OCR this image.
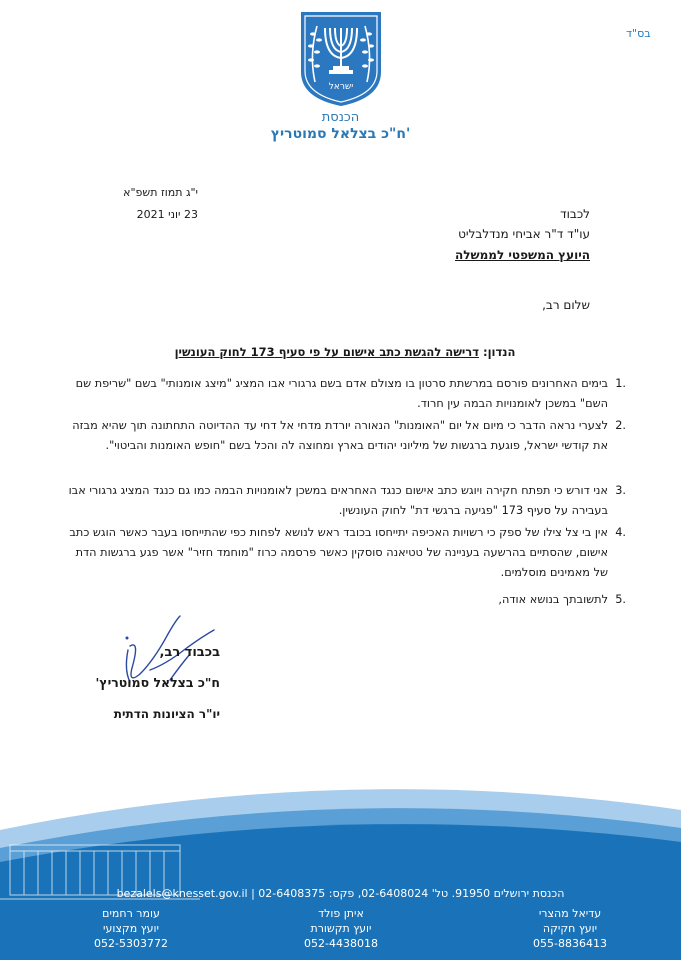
בס"ד
ישראל
הכנסת
ח"כ בצלאל סמוטריץ'
י"ג תמוז תשפ"א
23 יוני 2021	לכבוד
עו"ד ד"ר אביחי מנדלבליט
היועץ המשפטי לממשלה
שלום רב,
הנדון: דרישה להגשת כתב אישום על פי סעיף 173 לחוק העונשין
1.
בימים האחרונים פורסם במרשתת סרטון בו מצולם אדם בשם גרגורי אבו המציג "מיצג אומנותי" בשם "שריפת שם השם" במשכן לאומנויות הבמה עין חרוד.
2.
לצערי נראה הדבר כי מיום אל יום "האומנות" הנאורה יורדת מדחי אל דחי עד ההדיוטה התחתונה תוך שהיא מבזה את קודשי ישראל, פוגעת ברגשות של מיליוני יהודים בארץ ומחוצה לה והכל בשם "חופש האומנות והביטוי".
3.
אני דורש כי תפתח חקירה ויוגש כתב אישום כנגד האחראים במשכן לאומנויות הבמה כמו גם כנגד המציג גרגורי אבו בעבירה על סעיף 173 "פגיעה ברגשי דת" לחוק העונשין.
4.
אין בי צל צילו של ספק כי רשויות האכיפה יתייחסו בכובד ראש לנושא לפחות כפי שהתייחסו בעבר כאשר הוגש כתב אישום, שהסתיים בהרשעה בעניינה של טטיאנה סוסקין כאשר פרסמה כרוז "מוחמד חזיר" אשר פגע ברגשות הדת של מאמינים מוסלמים.
5.
לתשובתך בנושא אודה,
בכבוד רב,
ח"כ בצלאל סמוטריץ'
יו"ר הציונות הדתית
הכנסת ירושלים 91950. טל' 02-6408024, פקס: 02-6408375 | bezalels@knesset.gov.il
עדיאל מהצרי
יועץ חקיקה
055-8836413
איתן פולד
יועץ תקשורת
052-4438018
עומר רחמים
יועץ מקצועי
052-5303772
